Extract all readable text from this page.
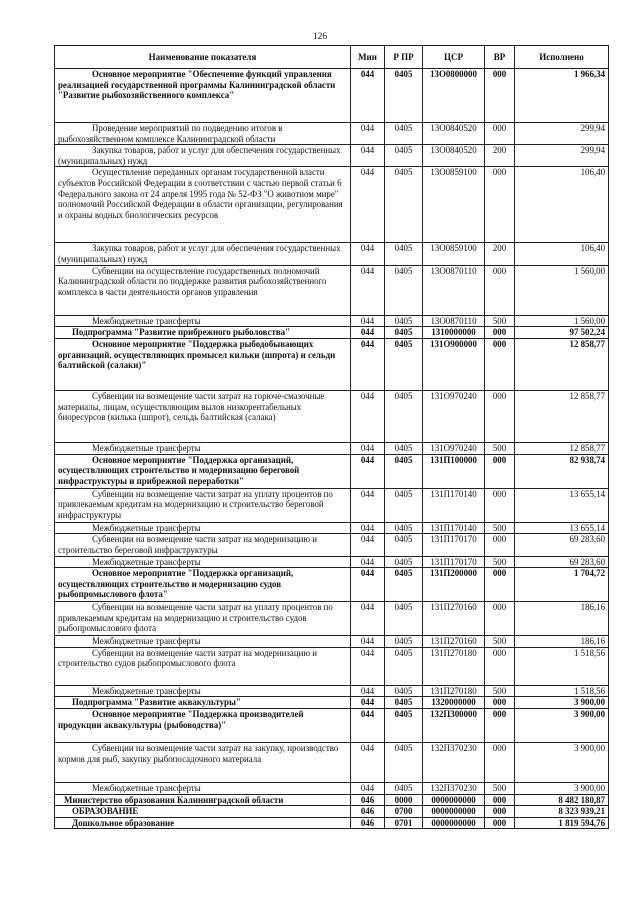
126
Наименование показателя	Мин	Р ПР	ЦСР	ВР	Исполнено
Основное мероприятие "Обеспечение функций управления реализацией государственной программы Калининградской области "Развитие рыбохозяйственного комплекса"	044	0405	13O0800000	000	1 966,34
Проведение мероприятий по подведению итогов в рыбохозяйственном комплексе Калининградской области	044	0405	13O0840520	000	299,94
Закупка товаров, работ и услуг для обеспечения государственных (муниципальных) нужд	044	0405	13O0840520	200	299,94
Осуществление переданных органам государственной власти субъектов Российской Федерации в соответствии с частью первой статьи 6 Федерального закона от 24 апреля 1995 года № 52-ФЗ "О животном мире" полномочий Российской Федерации в области организации, регулирования и охраны водных биологических ресурсов	044	0405	13O0859100	000	106,40
Закупка товаров, работ и услуг для обеспечения государственных (муниципальных) нужд	044	0405	13O0859100	200	106,40
Субвенции на осуществление государственных полномочий Калининградской области по поддержке развития рыбохозяйственного комплекса в части деятельности органов управления	044	0405	13O0870110	000	1 560,00
Межбюджетные трансферты	044	0405	13O0870110	500	1 560,00
Подпрограмма "Развитие прибрежного рыболовства"	044	0405	1310000000	000	97 502,24
Основное мероприятие "Поддержка рыбодобывающих организаций, осуществляющих промысел кильки (шпрота) и сельди балтийской (салаки)"	044	0405	131O900000	000	12 858,77
Субвенции на возмещение части затрат на горюче-смазочные материалы, лицам, осуществляющим вылов низкорентабельных биоресурсов (килька (шпрот), сельдь балтийская (салака)	044	0405	131O970240	000	12 858,77
Межбюджетные трансферты	044	0405	131O970240	500	12 858,77
Основное мероприятие "Поддержка организаций, осуществляющих строительство и модернизацию береговой инфраструктуры и прибрежной переработки"	044	0405	131П100000	000	82 938,74
Субвенции на возмещение части затрат на уплату процентов по привлекаемым кредитам на модернизацию и строительство береговой инфраструктуры	044	0405	131П170140	000	13 655,14
Межбюджетные трансферты	044	0405	131П170140	500	13 655,14
Субвенции на возмещение части затрат на модернизацию и строительство береговой инфраструктуры	044	0405	131П170170	000	69 283,60
Межбюджетные трансферты	044	0405	131П170170	500	69 283,60
Основное мероприятие "Поддержка организаций, осуществляющих строительство и модернизацию судов рыбопромыслового флота"	044	0405	131П200000	000	1 704,72
Субвенции на возмещение части затрат на уплату процентов по привлекаемым кредитам на модернизацию и строительство судов рыбопромыслового флота	044	0405	131П270160	000	186,16
Межбюджетные трансферты	044	0405	131П270160	500	186,16
Субвенции на возмещение части затрат на модернизацию и строительство судов рыбопромыслового флота	044	0405	131П270180	000	1 518,56
Межбюджетные трансферты	044	0405	131П270180	500	1 518,56
Подпрограмма "Развитие аквакультуры"	044	0405	1320000000	000	3 900,00
Основное мероприятие "Поддержка производителей продукции аквакультуры (рыбоводства)"	044	0405	132П300000	000	3 900,00
Субвенции на возмещение части затрат на закупку, производство кормов для рыб, закупку рыбопосадочного материала	044	0405	132П370230	000	3 900,00
Межбюджетные трансферты	044	0405	132П370230	500	3 900,00
Министерство образования Калининградской области	046	0000	0000000000	000	8 482 180,87
ОБРАЗОВАНИЕ	046	0700	0000000000	000	8 323 939,21
Дошкольное образование	046	0701	0000000000	000	1 819 594,76
